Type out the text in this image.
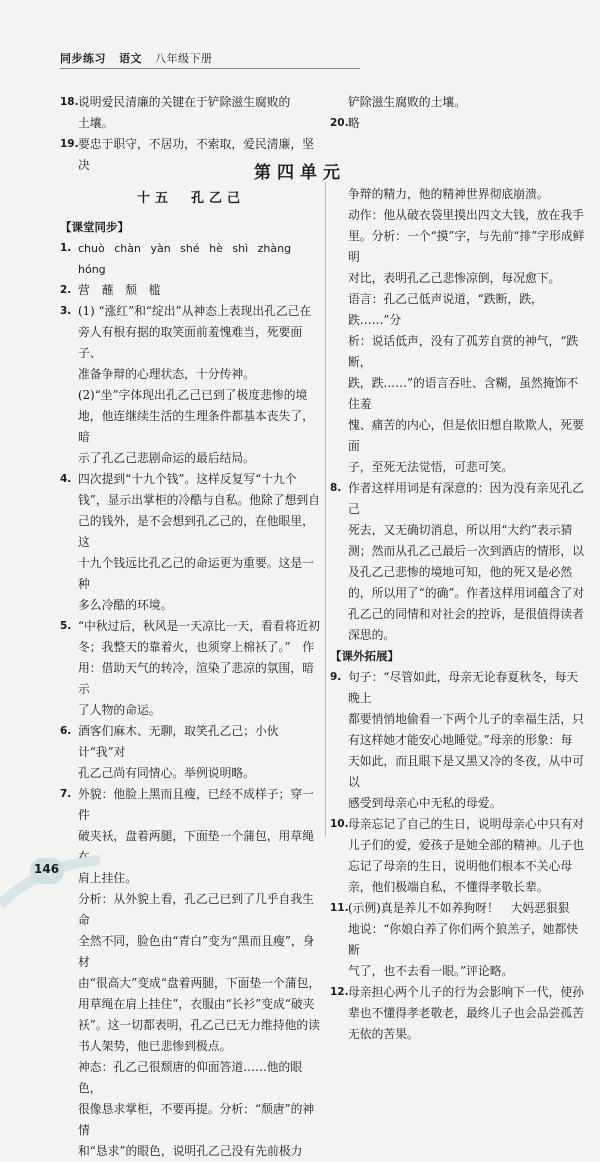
同步练习 语文 八年级下册
18. 说明爱民清廉的关键在于铲除滋生腐败的
土壤。
19. 要忠于职守，不居功，不索取，爱民清廉，坚决
铲除滋生腐败的土壤。
20. 略
第四单元
十五　孔乙己
【课堂同步】
1. chuò chàn yàn shé hè shì zhàng
hóng
2. 营　蘸　颓　槛
3. (1) “涨红”和“绽出”从神态上表现出孔乙己在
旁人有根有据的取笑面前羞愧难当，死要面子、
准备争辩的心理状态，十分传神。
(2)“坐”字体现出孔乙己已到了极度悲惨的境
地，他连继续生活的生理条件都基本丧失了，暗
示了孔乙己悲剧命运的最后结局。
4. 四次提到“十九个钱”。这样反复写“十九个
钱”，显示出掌柜的冷酷与自私。他除了想到自
己的钱外，是不会想到孔乙己的，在他眼里，这
十九个钱远比孔乙己的命运更为重要。这是一种
多么冷酷的环境。
5. “中秋过后，秋风是一天凉比一天，看看将近初
冬；我整天的靠着火，也须穿上棉袄了。”　作
用：借助天气的转冷，渲染了悲凉的氛围，暗示
了人物的命运。
6. 酒客们麻木、无聊，取笑孔乙己；小伙计“我”对
孔乙己尚有同情心。举例说明略。
7. 外貌：他脸上黑而且瘦，已经不成样子；穿一件
破夹袄，盘着两腿，下面垫一个蒲包，用草绳在
肩上挂住。
分析：从外貌上看，孔乙己已到了几乎自我生命
全然不同，脸色由“青白”变为“黑而且瘦”，身材
由“很高大”变成“盘着两腿，下面垫一个蒲包，
用草绳在肩上挂住”，衣服由“长衫”变成“破夹
袄”。这一切都表明，孔乙己已无力维持他的读
书人架势，他已悲惨到极点。
神态：孔乙己很颓唐的仰面答道……他的眼色，
很像恳求掌柜，不要再提。分析：“颓唐”的神情
和“恳求”的眼色，说明孔乙己没有先前极力
争辩的精力，他的精神世界彻底崩溃。
动作：他从破衣袋里摸出四文大钱，放在我手
里。分析：一个“摸”字，与先前“排”字形成鲜明
对比，表明孔乙己悲惨凉倒，每况愈下。
语言：孔乙己低声说道，“跌断，跌，跌……”分
析：说话低声，没有了孤芳自赏的神气，“跌断，
跌，跌……”的语言吞吐、含糊，虽然掩饰不住羞
愧、痛苦的内心，但是依旧想自欺欺人，死要面
子，至死无法觉悟，可悲可笑。
8. 作者这样用词是有深意的：因为没有亲见孔乙己
死去，又无确切消息，所以用“大约”表示猜
测；然而从孔乙己最后一次到酒店的情形，以
及孔乙己悲惨的境地可知，他的死又是必然
的，所以用了“的确”。作者这样用词蕴含了对
孔乙己的同情和对社会的控诉，是很值得读者
深思的。
【课外拓展】
9. 句子：“尽管如此，母亲无论春夏秋冬，每天晚上
都要悄悄地偷看一下两个儿子的幸福生活，只
有这样她才能安心地睡觉。”母亲的形象：每
天如此，而且眼下是又黑又冷的冬夜，从中可以
感受到母亲心中无私的母爱。
10. 母亲忘记了自己的生日，说明母亲心中只有对
儿子们的爱，爱孩子是她全部的精神。儿子也
忘记了母亲的生日，说明他们根本不关心母
亲，他们极端自私，不懂得孝敬长辈。
11. (示例)真是养儿不如养狗呀！　大妈恶狠狠
地说：“你娘白养了你们两个狼羔子，她都快断
气了，也不去看一眼。”评论略。
12. 母亲担心两个儿子的行为会影响下一代，使孙
辈也不懂得孝老敬老，最终儿子也会品尝孤苦
无依的苦果。
146
